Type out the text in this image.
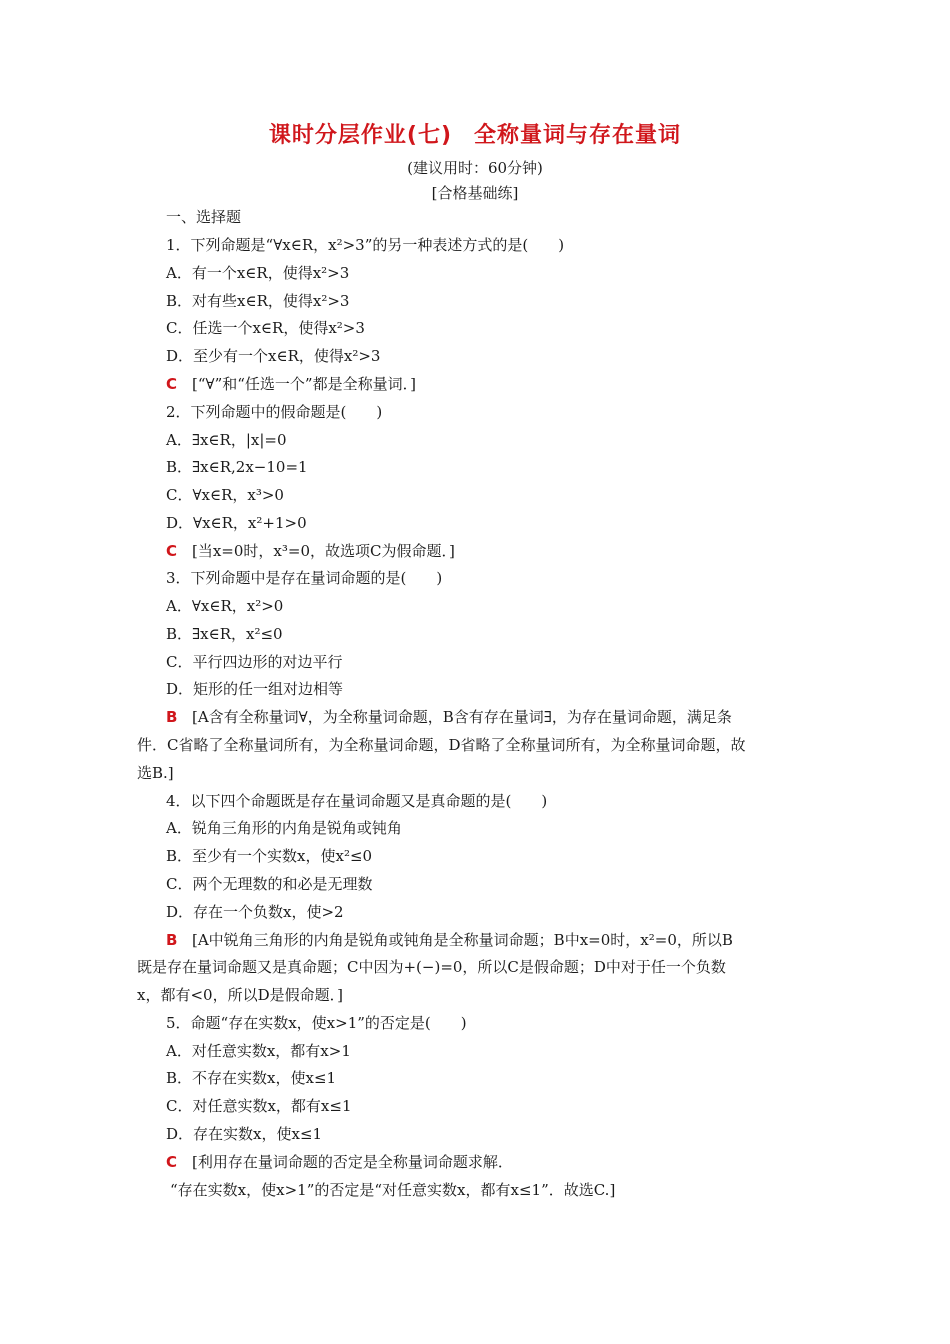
课时分层作业(七) 全称量词与存在量词
(建议用时：60分钟)
[合格基础练]
一、选择题
1．下列命题是“∀x∈R，x²>3”的另一种表述方式的是(　　)
A．有一个x∈R，使得x²>3
B．对有些x∈R，使得x²>3
C．任选一个x∈R，使得x²>3
D．至少有一个x∈R，使得x²>3
C [“∀”和“任选一个”都是全称量词．]
2．下列命题中的假命题是(　　)
A．∃x∈R，|x|=0
B．∃x∈R,2x−10=1
C．∀x∈R，x³>0
D．∀x∈R，x²+1>0
C [当x=0时，x³=0，故选项C为假命题．]
3．下列命题中是存在量词命题的是(　　)
A．∀x∈R，x²>0
B．∃x∈R，x²≤0
C．平行四边形的对边平行
D．矩形的任一组对边相等
B [A含有全称量词∀，为全称量词命题，B含有存在量词∃，为存在量词命题，满足条
件．C省略了全称量词所有，为全称量词命题，D省略了全称量词所有，为全称量词命题，故
选B.]
4．以下四个命题既是存在量词命题又是真命题的是(　　)
A．锐角三角形的内角是锐角或钝角
B．至少有一个实数x，使x²≤0
C．两个无理数的和必是无理数
D．存在一个负数x，使>2
B [A中锐角三角形的内角是锐角或钝角是全称量词命题；B中x=0时，x²=0，所以B
既是存在量词命题又是真命题；C中因为+(−)=0，所以C是假命题；D中对于任一个负数
x，都有<0，所以D是假命题．]
5．命题“存在实数x，使x>1”的否定是(　　)
A．对任意实数x，都有x>1
B．不存在实数x，使x≤1
C．对任意实数x，都有x≤1
D．存在实数x，使x≤1
C [利用存在量词命题的否定是全称量词命题求解．
“存在实数x，使x>1”的否定是“对任意实数x，都有x≤1”．故选C.]
